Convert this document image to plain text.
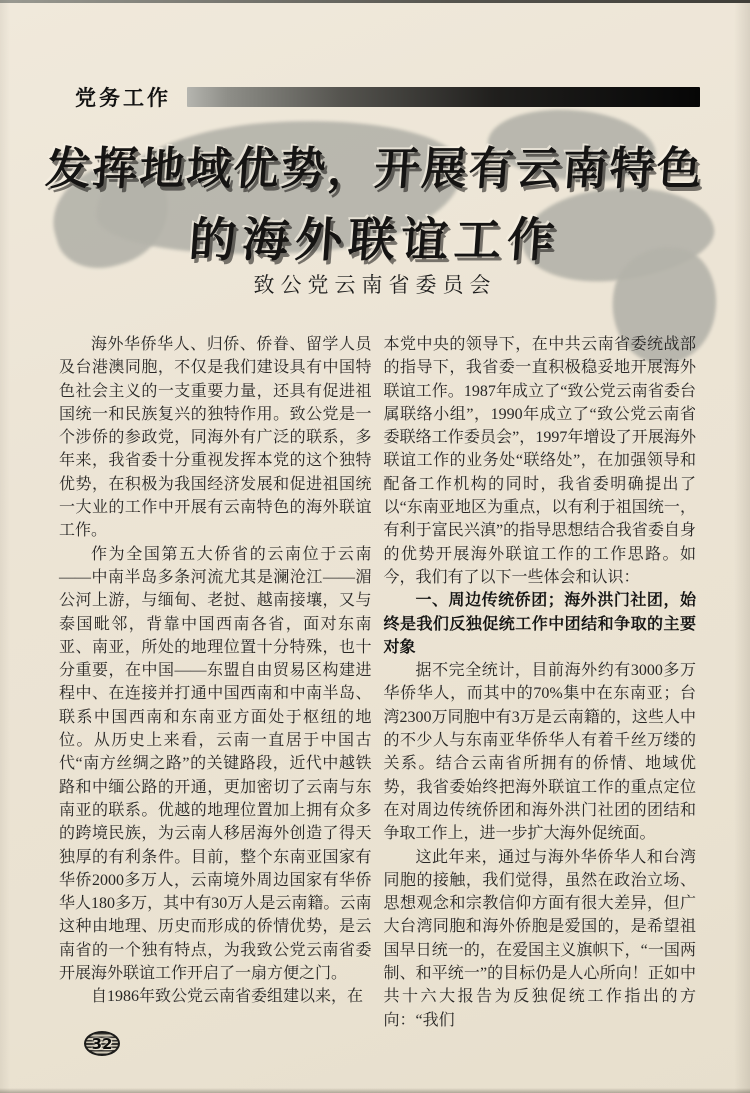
党务工作
发挥地域优势，开展有云南特色
的海外联谊工作
致公党云南省委员会

海外华侨华人、归侨、侨眷、留学人员及台港澳同胞，不仅是我们建设具有中国特色社会主义的一支重要力量，还具有促进祖国统一和民族复兴的独特作用。致公党是一个涉侨的参政党，同海外有广泛的联系，多年来，我省委十分重视发挥本党的这个独特优势，在积极为我国经济发展和促进祖国统一大业的工作中开展有云南特色的海外联谊工作。

作为全国第五大侨省的云南位于云南——中南半岛多条河流尤其是澜沧江——湄公河上游，与缅甸、老挝、越南接壤，又与泰国毗邻，背靠中国西南各省，面对东南亚、南亚，所处的地理位置十分特殊，也十分重要，在中国——东盟自由贸易区构建进程中、在连接并打通中国西南和中南半岛、联系中国西南和东南亚方面处于枢纽的地位。从历史上来看，云南一直居于中国古代“南方丝绸之路”的关键路段，近代中越铁路和中缅公路的开通，更加密切了云南与东南亚的联系。优越的地理位置加上拥有众多的跨境民族，为云南人移居海外创造了得天独厚的有利条件。目前，整个东南亚国家有华侨2000多万人，云南境外周边国家有华侨华人180多万，其中有30万人是云南籍。云南这种由地理、历史而形成的侨情优势，是云南省的一个独有特点，为我致公党云南省委开展海外联谊工作开启了一扇方便之门。

自1986年致公党云南省委组建以来，在

本党中央的领导下，在中共云南省委统战部的指导下，我省委一直积极稳妥地开展海外联谊工作。1987年成立了“致公党云南省委台属联络小组”，1990年成立了“致公党云南省委联络工作委员会”，1997年增设了开展海外联谊工作的业务处“联络处”，在加强领导和配备工作机构的同时，我省委明确提出了以“东南亚地区为重点，以有利于祖国统一，有利于富民兴滇”的指导思想结合我省委自身的优势开展海外联谊工作的工作思路。如今，我们有了以下一些体会和认识：

一、周边传统侨团；海外洪门社团，始终是我们反独促统工作中团结和争取的主要对象

据不完全统计，目前海外约有3000多万华侨华人，而其中的70%集中在东南亚；台湾2300万同胞中有3万是云南籍的，这些人中的不少人与东南亚华侨华人有着千丝万缕的关系。结合云南省所拥有的侨情、地域优势，我省委始终把海外联谊工作的重点定位在对周边传统侨团和海外洪门社团的团结和争取工作上，进一步扩大海外促统面。

这此年来，通过与海外华侨华人和台湾同胞的接触，我们觉得，虽然在政治立场、思想观念和宗教信仰方面有很大差异，但广大台湾同胞和海外侨胞是爱国的，是希望祖国早日统一的，在爱国主义旗帜下，“一国两制、和平统一”的目标仍是人心所向！正如中共十六大报告为反独促统工作指出的方向：“我们

32
